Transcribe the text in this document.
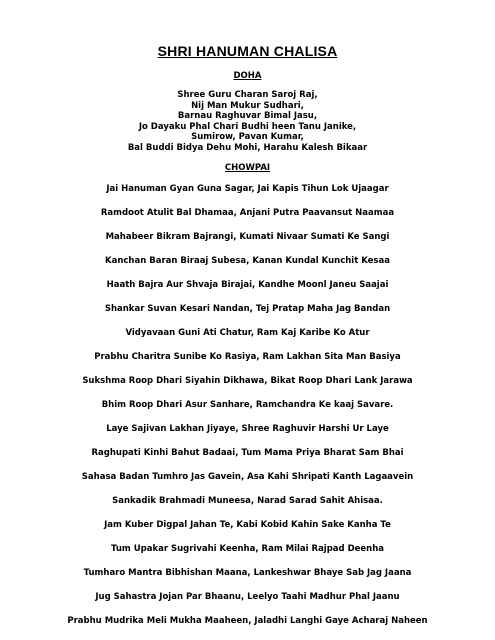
SHRI HANUMAN CHALISA
DOHA
Shree Guru Charan Saroj Raj,
Nij Man Mukur Sudhari,
Barnau Raghuvar Bimal Jasu,
Jo Dayaku Phal Chari Budhi heen Tanu Janike,
Sumirow, Pavan Kumar,
Bal Buddi Bidya Dehu Mohi, Harahu Kalesh Bikaar
CHOWPAI
Jai Hanuman Gyan Guna Sagar, Jai Kapis Tihun Lok Ujaagar
Ramdoot Atulit Bal Dhamaa, Anjani Putra Paavansut Naamaa
Mahabeer Bikram Bajrangi, Kumati Nivaar Sumati Ke Sangi
Kanchan Baran Biraaj Subesa, Kanan Kundal Kunchit Kesaa
Haath Bajra Aur Shvaja Birajai, Kandhe Moonl Janeu Saajai
Shankar Suvan Kesari Nandan, Tej Pratap Maha Jag Bandan
Vidyavaan Guni Ati Chatur, Ram Kaj Karibe Ko Atur
Prabhu Charitra Sunibe Ko Rasiya, Ram Lakhan Sita Man Basiya
Sukshma Roop Dhari Siyahin Dikhawa, Bikat Roop Dhari Lank Jarawa
Bhim Roop Dhari Asur Sanhare, Ramchandra Ke kaaj Savare.
Laye Sajivan Lakhan Jiyaye, Shree Raghuvir Harshi Ur Laye
Raghupati Kinhi Bahut Badaai, Tum Mama Priya Bharat Sam Bhai
Sahasa Badan Tumhro Jas Gavein, Asa Kahi Shripati Kanth Lagaavein
Sankadik Brahmadi Muneesa, Narad Sarad Sahit Ahisaa.
Jam Kuber Digpal Jahan Te, Kabi Kobid Kahin Sake Kanha Te
Tum Upakar Sugrivahi Keenha, Ram Milai Rajpad Deenha
Tumharo Mantra Bibhishan Maana, Lankeshwar Bhaye Sab Jag Jaana
Jug Sahastra Jojan Par Bhaanu, Leelyo Taahi Madhur Phal Jaanu
Prabhu Mudrika Meli Mukha Maaheen, Jaladhi Langhi Gaye Acharaj Naheen
